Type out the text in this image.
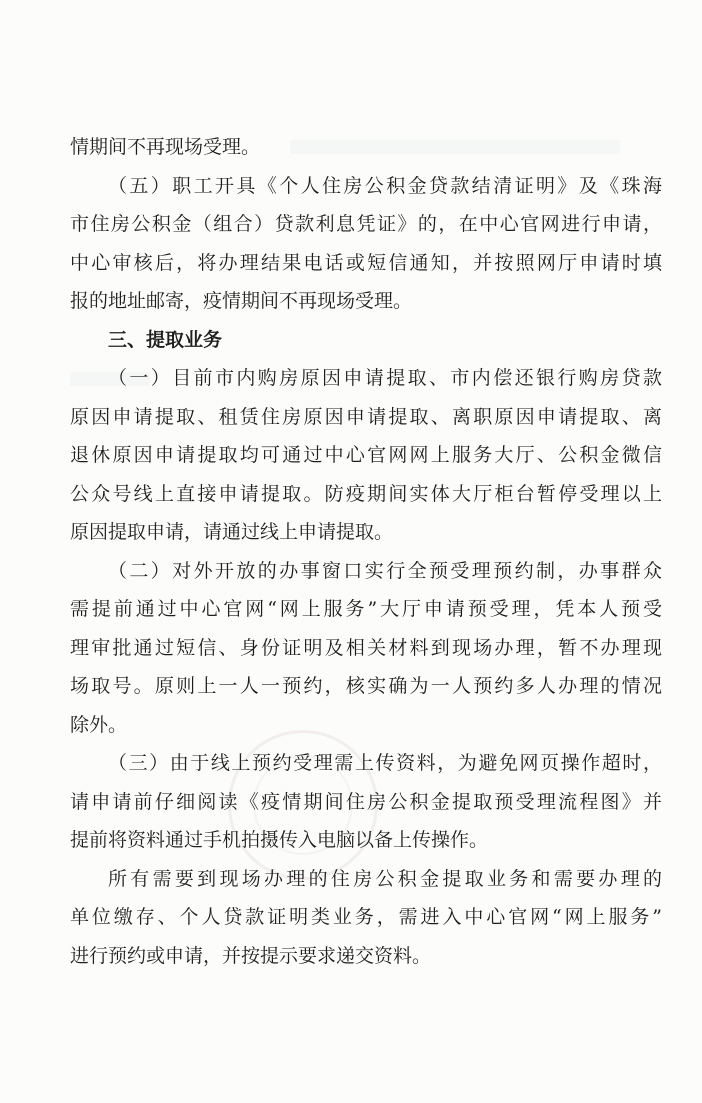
情期间不再现场受理。
（五）职工开具《个人住房公积金贷款结清证明》及《珠海
市住房公积金（组合）贷款利息凭证》的，在中心官网进行申请，
中心审核后，将办理结果电话或短信通知，并按照网厅申请时填
报的地址邮寄，疫情期间不再现场受理。
三、提取业务
（一）目前市内购房原因申请提取、市内偿还银行购房贷款
原因申请提取、租赁住房原因申请提取、离职原因申请提取、离
退休原因申请提取均可通过中心官网网上服务大厅、公积金微信
公众号线上直接申请提取。防疫期间实体大厅柜台暂停受理以上
原因提取申请，请通过线上申请提取。
（二）对外开放的办事窗口实行全预受理预约制，办事群众
需提前通过中心官网“网上服务”大厅申请预受理，凭本人预受
理审批通过短信、身份证明及相关材料到现场办理，暂不办理现
场取号。原则上一人一预约，核实确为一人预约多人办理的情况
除外。
（三）由于线上预约受理需上传资料，为避免网页操作超时，
请申请前仔细阅读《疫情期间住房公积金提取预受理流程图》并
提前将资料通过手机拍摄传入电脑以备上传操作。
所有需要到现场办理的住房公积金提取业务和需要办理的
单位缴存、个人贷款证明类业务，需进入中心官网“网上服务”
进行预约或申请，并按提示要求递交资料。
